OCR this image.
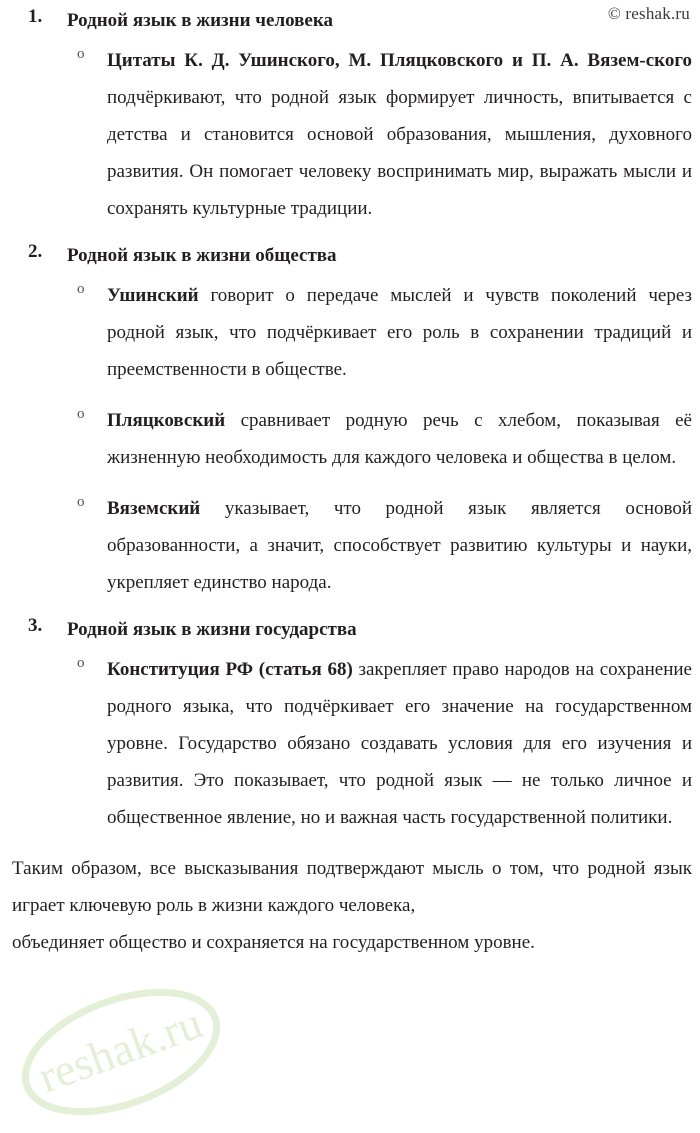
© reshak.ru
1. Родной язык в жизни человека
o Цитаты К. Д. Ушинского, М. Пляцковского и П. А. Вязем-ского подчёркивают, что родной язык формирует личность, впитывается с детства и становится основой образования, мышления, духовного развития. Он помогает человеку воспринимать мир, выражать мысли и сохранять культурные традиции.
2. Родной язык в жизни общества
o Ушинский говорит о передаче мыслей и чувств поколений через родной язык, что подчёркивает его роль в сохранении традиций и преемственности в обществе.
o Пляцковский сравнивает родную речь с хлебом, показывая её жизненную необходимость для каждого человека и общества в целом.
o Вяземский указывает, что родной язык является основой образованности, а значит, способствует развитию культуры и науки, укрепляет единство народа.
3. Родной язык в жизни государства
o Конституция РФ (статья 68) закрепляет право народов на сохранение родного языка, что подчёркивает его значение на государственном уровне. Государство обязано создавать условия для его изучения и развития. Это показывает, что родной язык — не только личное и общественное явление, но и важная часть государственной политики.

Таким образом, все высказывания подтверждают мысль о том, что родной язык играет ключевую роль в жизни каждого человека,
объединяет общество и сохраняется на государственном уровне.

reshak.ru
